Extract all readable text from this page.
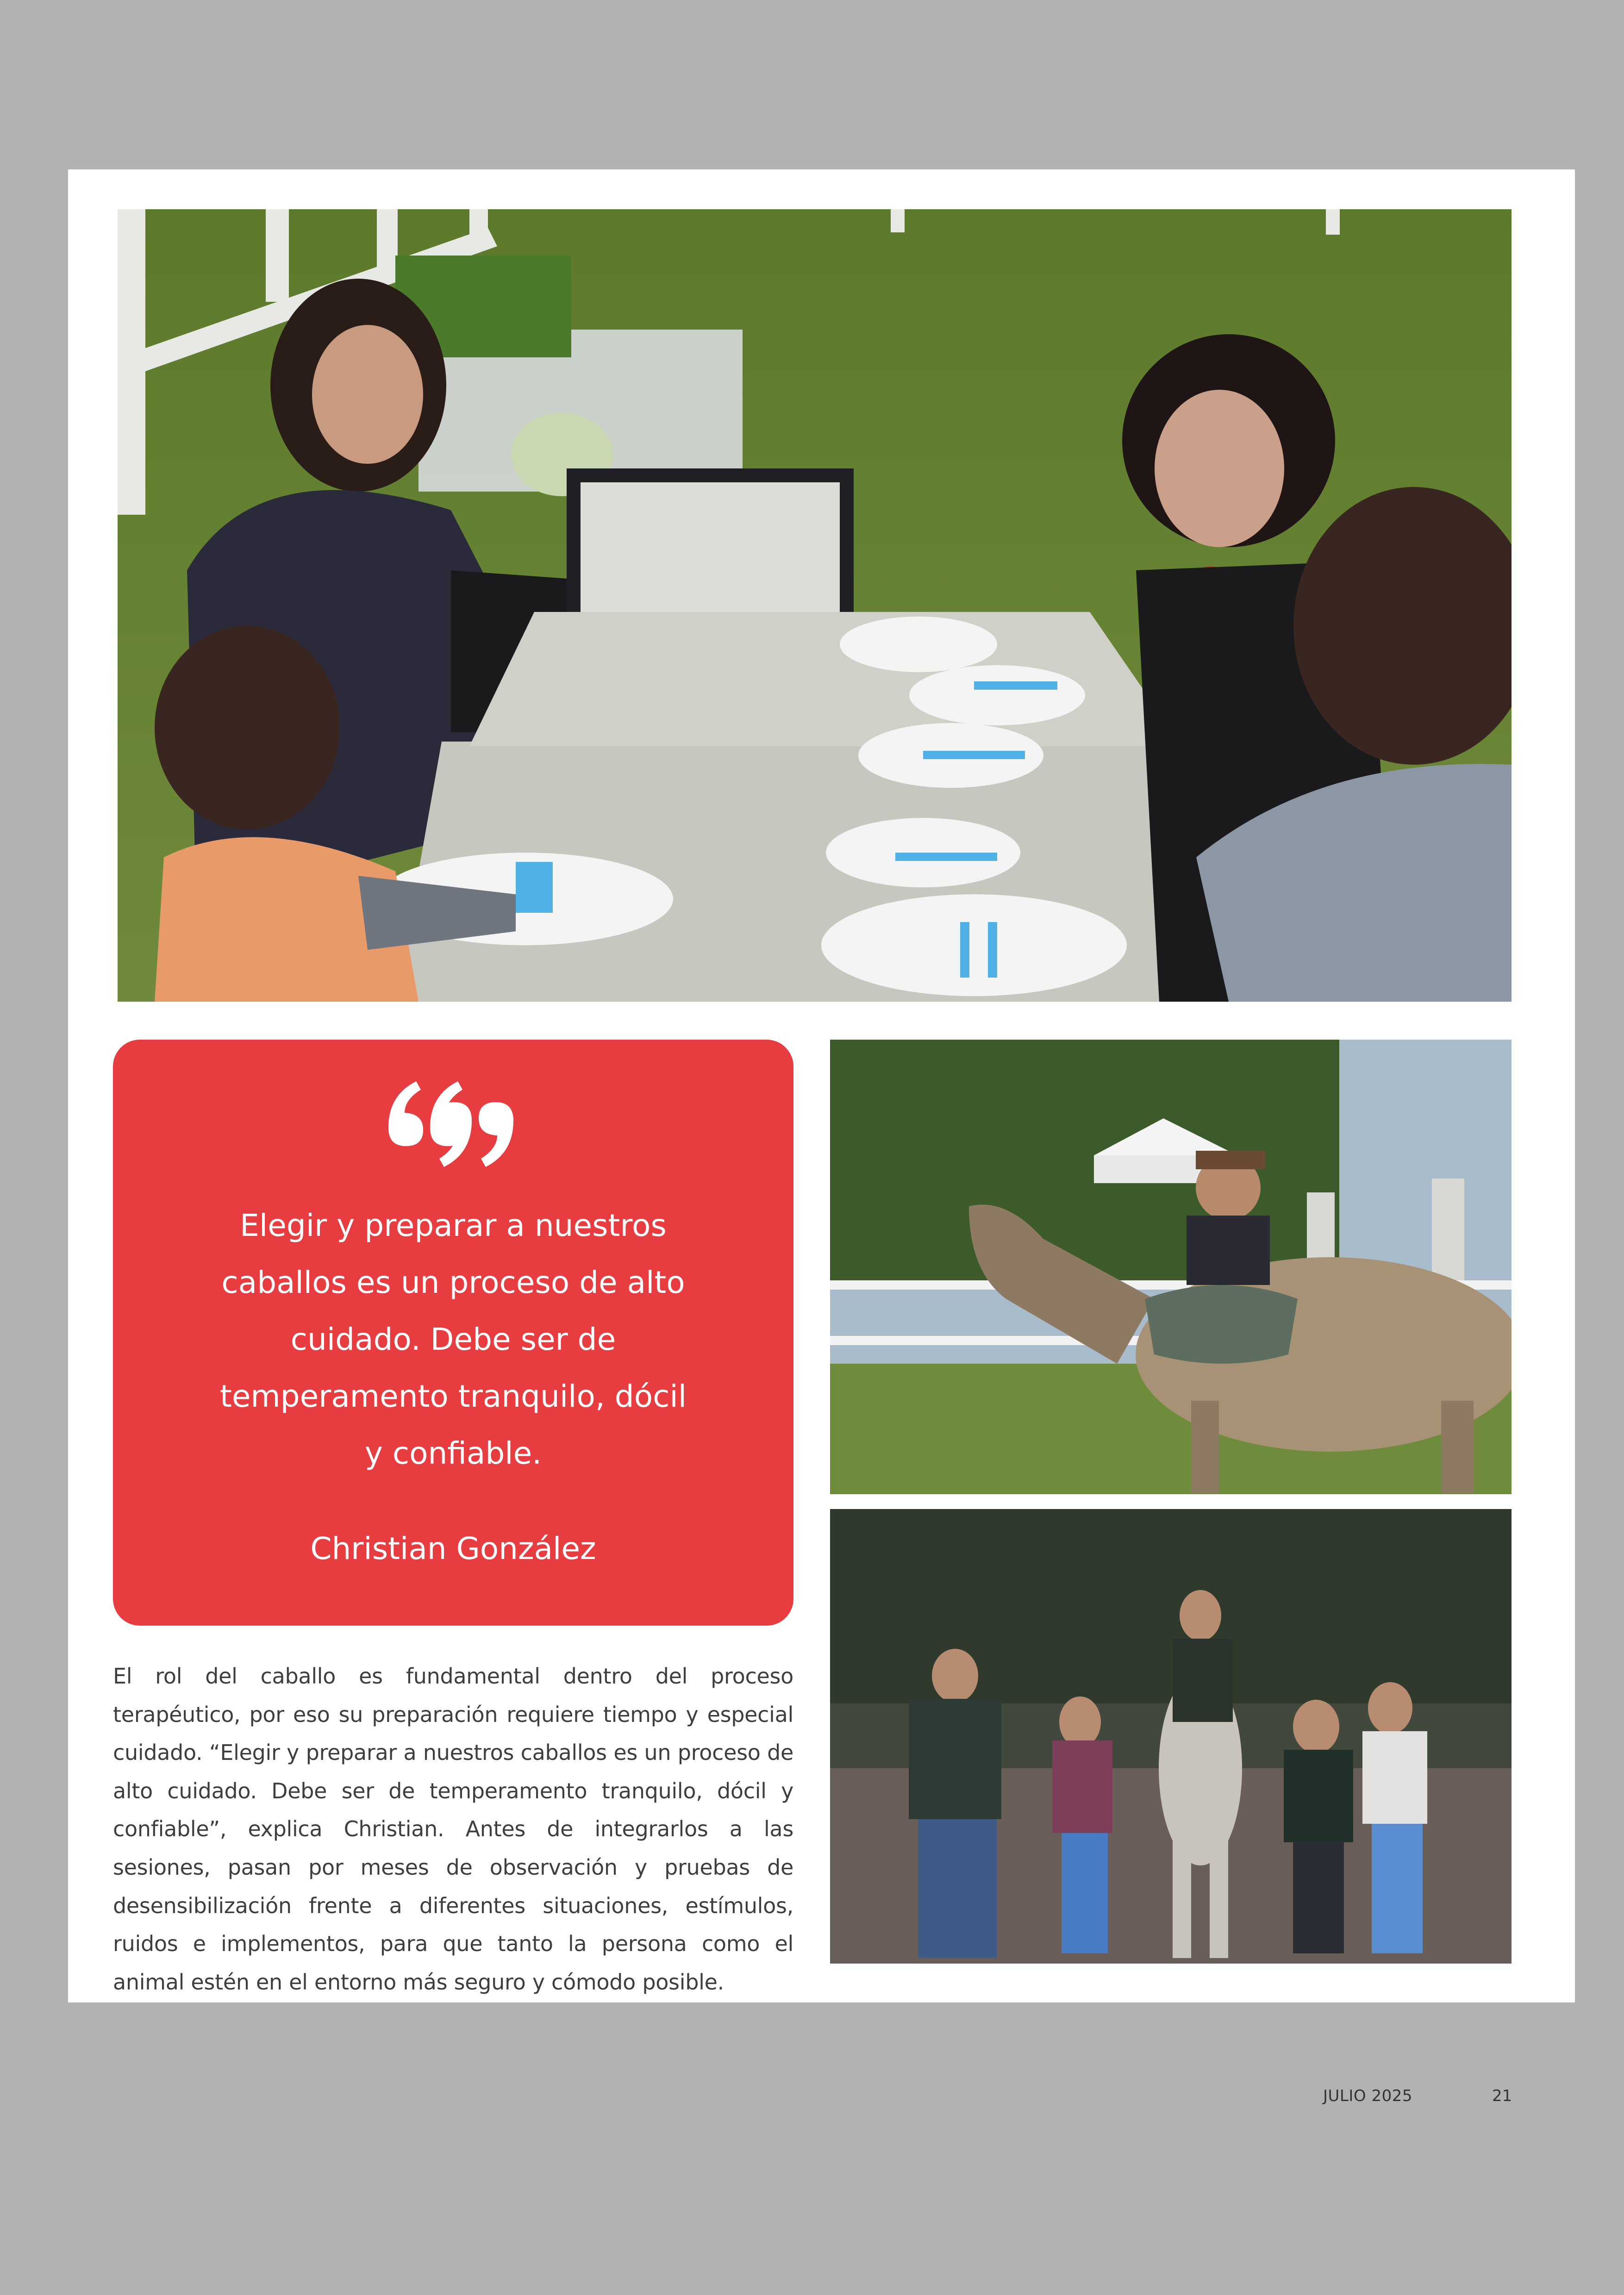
Elegir y preparar a nuestros caballos es un proceso de alto cuidado. Debe ser de temperamento tranquilo, dócil y confiable.
Christian González
El rol del caballo es fundamental dentro del proceso terapéutico, por eso su preparación requiere tiempo y especial cuidado. “Elegir y preparar a nuestros caballos es un proceso de alto cuidado. Debe ser de temperamento tranquilo, dócil y confiable”, explica Christian. Antes de integrarlos a las sesiones, pasan por meses de observación y pruebas de desensibilización frente a diferentes situaciones, estímulos, ruidos e implementos, para que tanto la persona como el animal estén en el entorno más seguro y cómodo posible.
JULIO 2025	21
